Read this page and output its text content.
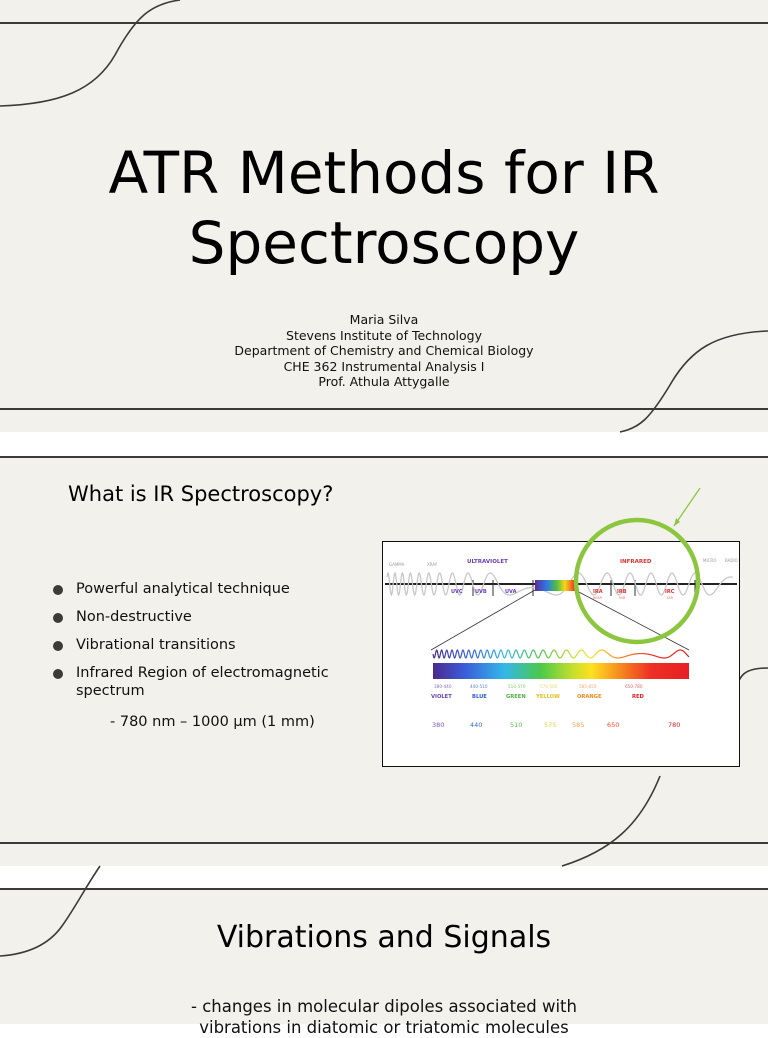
ATR Methods for IR
Spectroscopy
Maria Silva
Stevens Institute of Technology
Department of Chemistry and Chemical Biology
CHE 362 Instrumental Analysis I
Prof. Athula Attygalle
What is IR Spectroscopy?
Powerful analytical technique
Non-destructive
Vibrational transitions
Infrared Region of electromagnetic spectrum
- 780 nm – 1000 µm (1 mm)
GAMMA	XRAY	ULTRAVIOLET	INFRARED	MICRO RADIO
UVC UVB	UVA	IRA	IRB	IRC
NEAR	MID	FAR
380-440	440-510	510-570	570-585	585-650	650-780
VIOLET	BLUE	GREEN YELLOW	ORANGE	RED
380	440	510	575 585	650	780
Vibrations and Signals
- changes in molecular dipoles associated with
vibrations in diatomic or triatomic molecules
